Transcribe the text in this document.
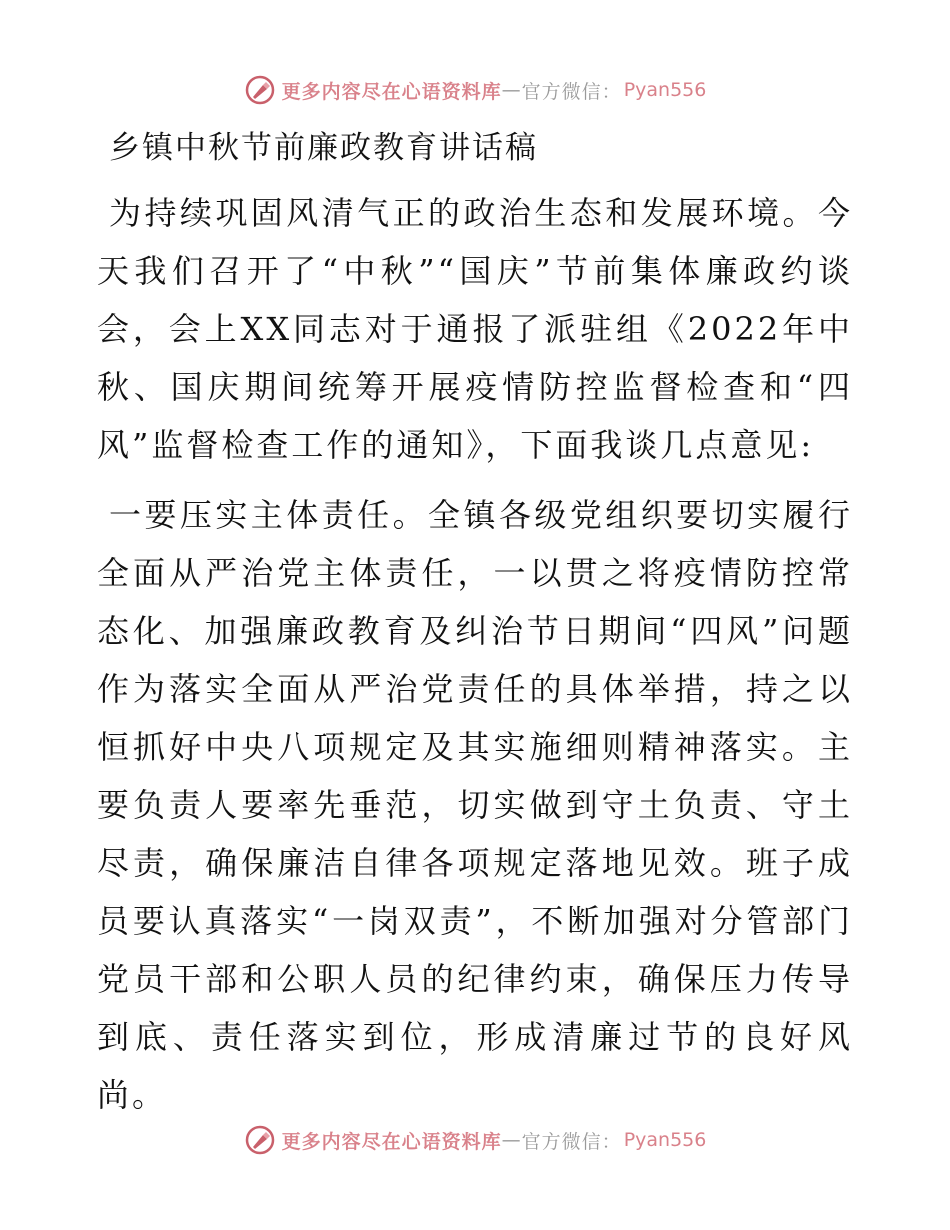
更多内容尽在心语资料库 — 官方微信： Pyan556
乡镇中秋节前廉政教育讲话稿

为持续巩固风清气正的政治生态和发展环境。今天我们召开了“中秋”“国庆”节前集体廉政约谈会，会上XX同志对于通报了派驻组《2022年中秋、国庆期间统筹开展疫情防控监督检查和“四风”监督检查工作的通知》，下面我谈几点意见:

一要压实主体责任。全镇各级党组织要切实履行全面从严治党主体责任，一以贯之将疫情防控常态化、加强廉政教育及纠治节日期间“四风”问题作为落实全面从严治党责任的具体举措，持之以恒抓好中央八项规定及其实施细则精神落实。主要负责人要率先垂范，切实做到守土负责、守土尽责，确保廉洁自律各项规定落地见效。班子成员要认真落实“一岗双责”，不断加强对分管部门党员干部和公职人员的纪律约束，确保压力传导到底、责任落实到位，形成清廉过节的良好风尚。

更多内容尽在心语资料库 — 官方微信： Pyan556
